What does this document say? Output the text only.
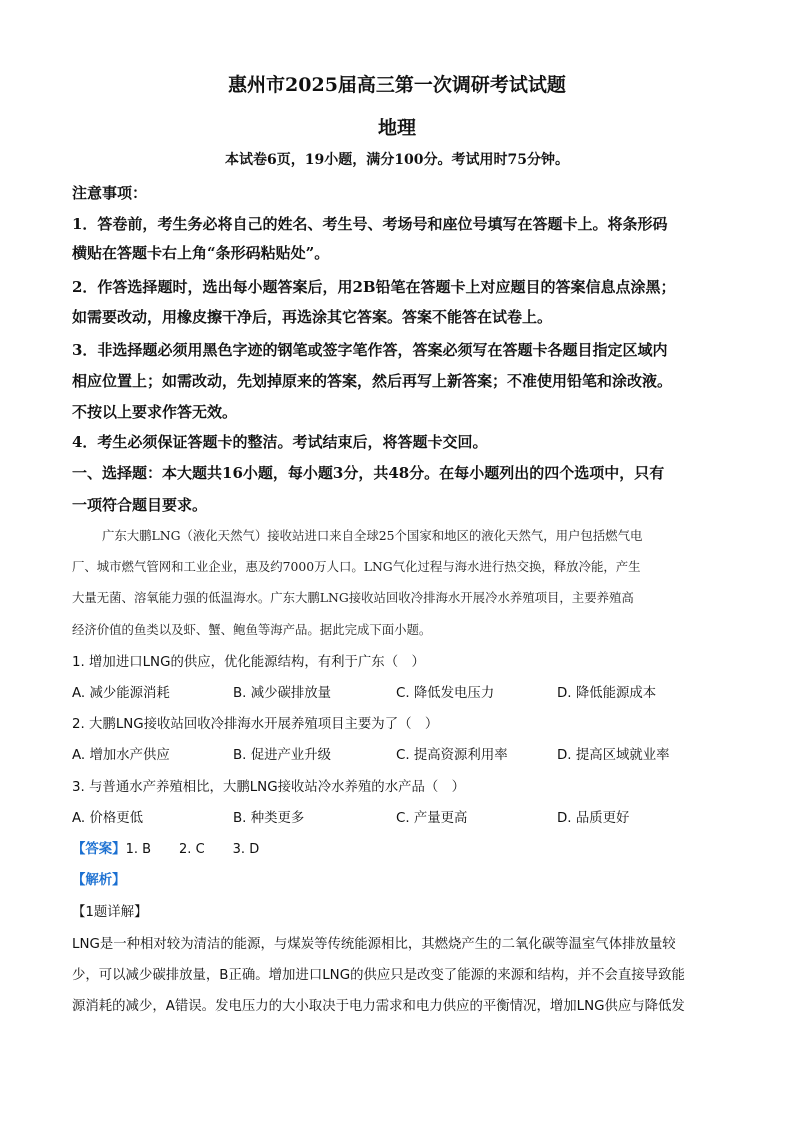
惠州市2025届高三第一次调研考试试题
地理
本试卷6页，19小题，满分100分。考试用时75分钟。
注意事项：
1．答卷前，考生务必将自己的姓名、考生号、考场号和座位号填写在答题卡上。将条形码
横贴在答题卡右上角“条形码粘贴处”。
2．作答选择题时，选出每小题答案后，用2B铅笔在答题卡上对应题目的答案信息点涂黑；
如需要改动，用橡皮擦干净后，再选涂其它答案。答案不能答在试卷上。
3．非选择题必须用黑色字迹的钢笔或签字笔作答，答案必须写在答题卡各题目指定区域内
相应位置上；如需改动，先划掉原来的答案，然后再写上新答案；不准使用铅笔和涂改液。
不按以上要求作答无效。
4．考生必须保证答题卡的整洁。考试结束后，将答题卡交回。
一、选择题：本大题共16小题，每小题3分，共48分。在每小题列出的四个选项中，只有
一项符合题目要求。
广东大鹏LNG（液化天然气）接收站进口来自全球25个国家和地区的液化天然气，用户包括燃气电
厂、城市燃气管网和工业企业，惠及约7000万人口。LNG气化过程与海水进行热交换，释放冷能，产生
大量无菌、溶氧能力强的低温海水。广东大鹏LNG接收站回收冷排海水开展冷水养殖项目，主要养殖高
经济价值的鱼类以及虾、蟹、鲍鱼等海产品。据此完成下面小题。
1. 增加进口LNG的供应，优化能源结构，有利于广东（　）
A. 减少能源消耗	B. 减少碳排放量	C. 降低发电压力	D. 降低能源成本
2. 大鹏LNG接收站回收冷排海水开展养殖项目主要为了（　）
A. 增加水产供应	B. 促进产业升级	C. 提高资源利用率	D. 提高区域就业率
3. 与普通水产养殖相比，大鹏LNG接收站冷水养殖的水产品（　）
A. 价格更低	B. 种类更多	C. 产量更高	D. 品质更好
【答案】1. B 2. C 3. D
【解析】
【1题详解】
LNG是一种相对较为清洁的能源，与煤炭等传统能源相比，其燃烧产生的二氧化碳等温室气体排放量较
少，可以减少碳排放量，B正确。增加进口LNG的供应只是改变了能源的来源和结构，并不会直接导致能
源消耗的减少，A错误。发电压力的大小取决于电力需求和电力供应的平衡情况，增加LNG供应与降低发
